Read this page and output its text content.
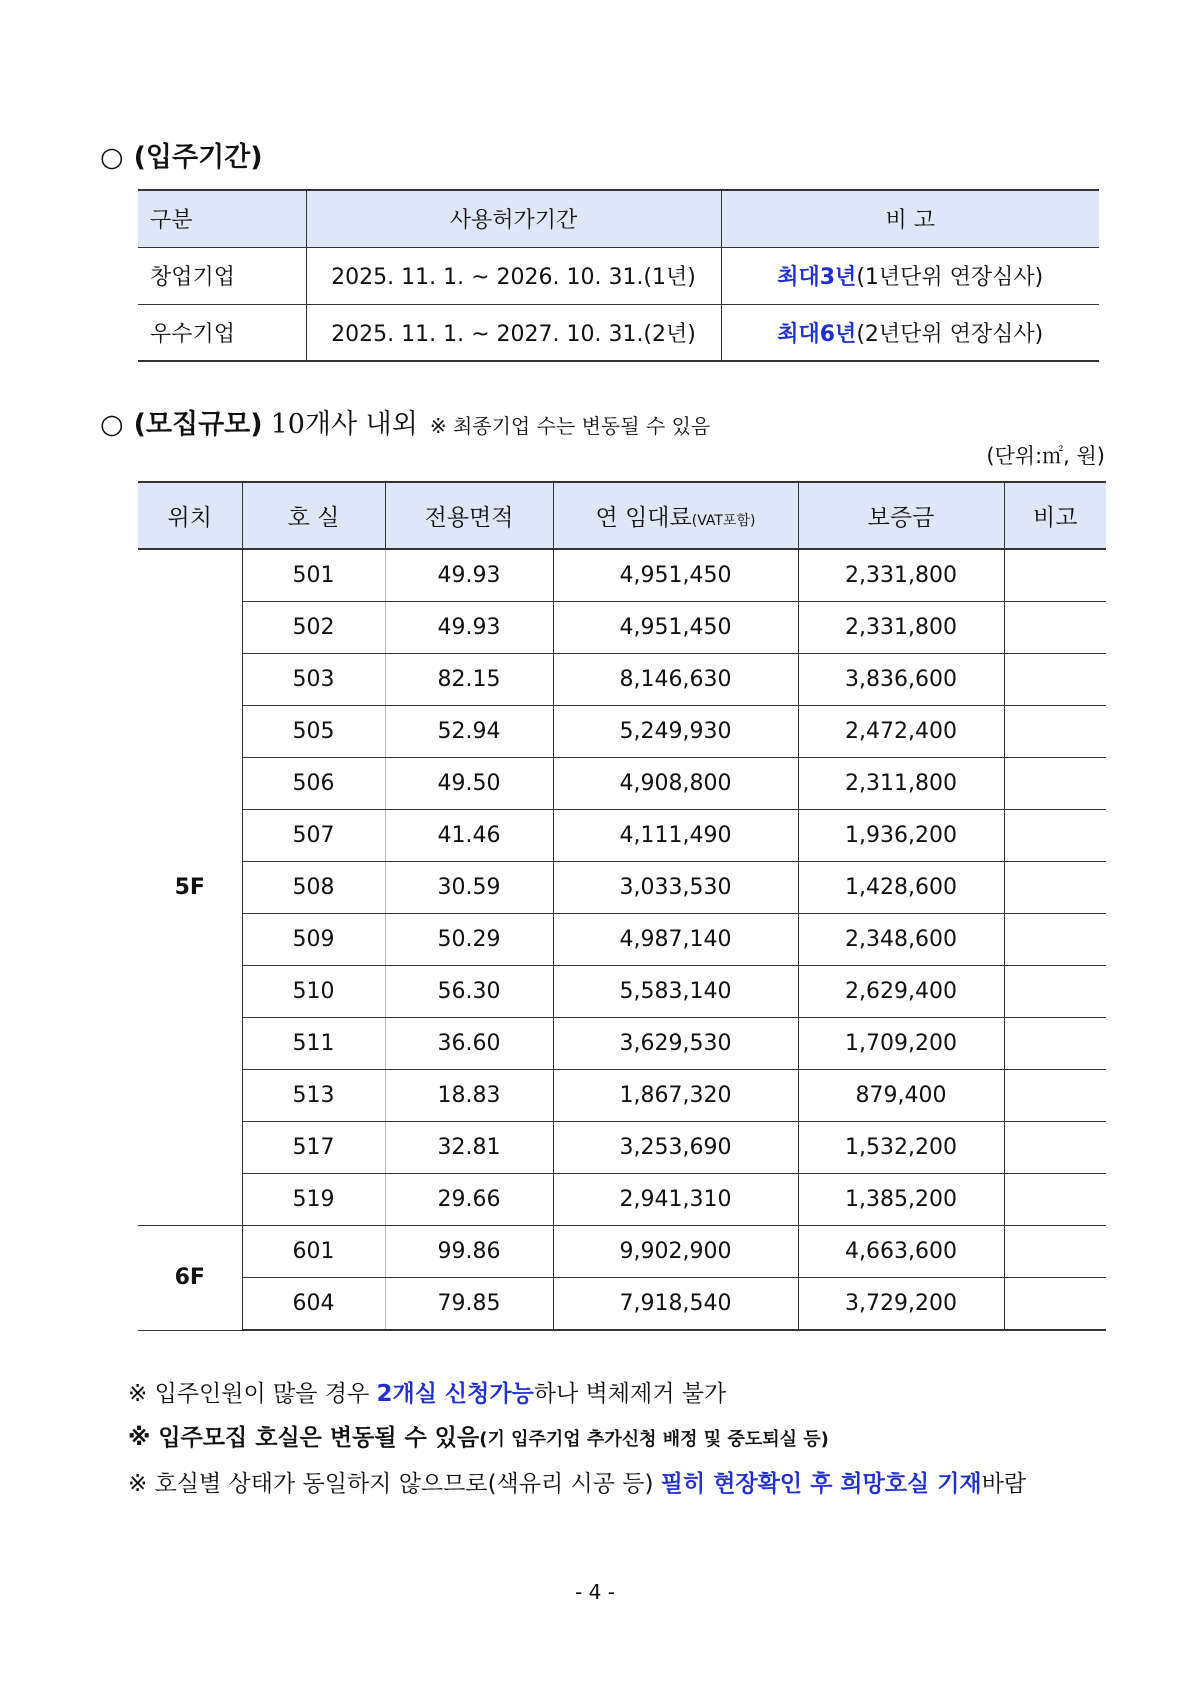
○ (입주기간)
구분	사용허가기간	비 고
창업기업	2025. 11. 1. ~ 2026. 10. 31.(1년)	최대3년(1년단위 연장심사)
우수기업	2025. 11. 1. ~ 2027. 10. 31.(2년)	최대6년(2년단위 연장심사)
○ (모집규모) 10개사 내외 ※ 최종기업 수는 변동될 수 있음
(단위:㎡, 원)
위치	호 실	전용면적	연 임대료(VAT포함)	보증금	비고
5F	501	49.93	4,951,450	2,331,800	
	502	49.93	4,951,450	2,331,800	
	503	82.15	8,146,630	3,836,600	
	505	52.94	5,249,930	2,472,400	
	506	49.50	4,908,800	2,311,800	
	507	41.46	4,111,490	1,936,200	
	508	30.59	3,033,530	1,428,600	
	509	50.29	4,987,140	2,348,600	
	510	56.30	5,583,140	2,629,400	
	511	36.60	3,629,530	1,709,200	
	513	18.83	1,867,320	879,400	
	517	32.81	3,253,690	1,532,200	
	519	29.66	2,941,310	1,385,200	
6F	601	99.86	9,902,900	4,663,600	
	604	79.85	7,918,540	3,729,200	
※ 입주인원이 많을 경우 2개실 신청가능하나 벽체제거 불가
※ 입주모집 호실은 변동될 수 있음(기 입주기업 추가신청 배정 및 중도퇴실 등)
※ 호실별 상태가 동일하지 않으므로(색유리 시공 등) 필히 현장확인 후 희망호실 기재바람
- 4 -
